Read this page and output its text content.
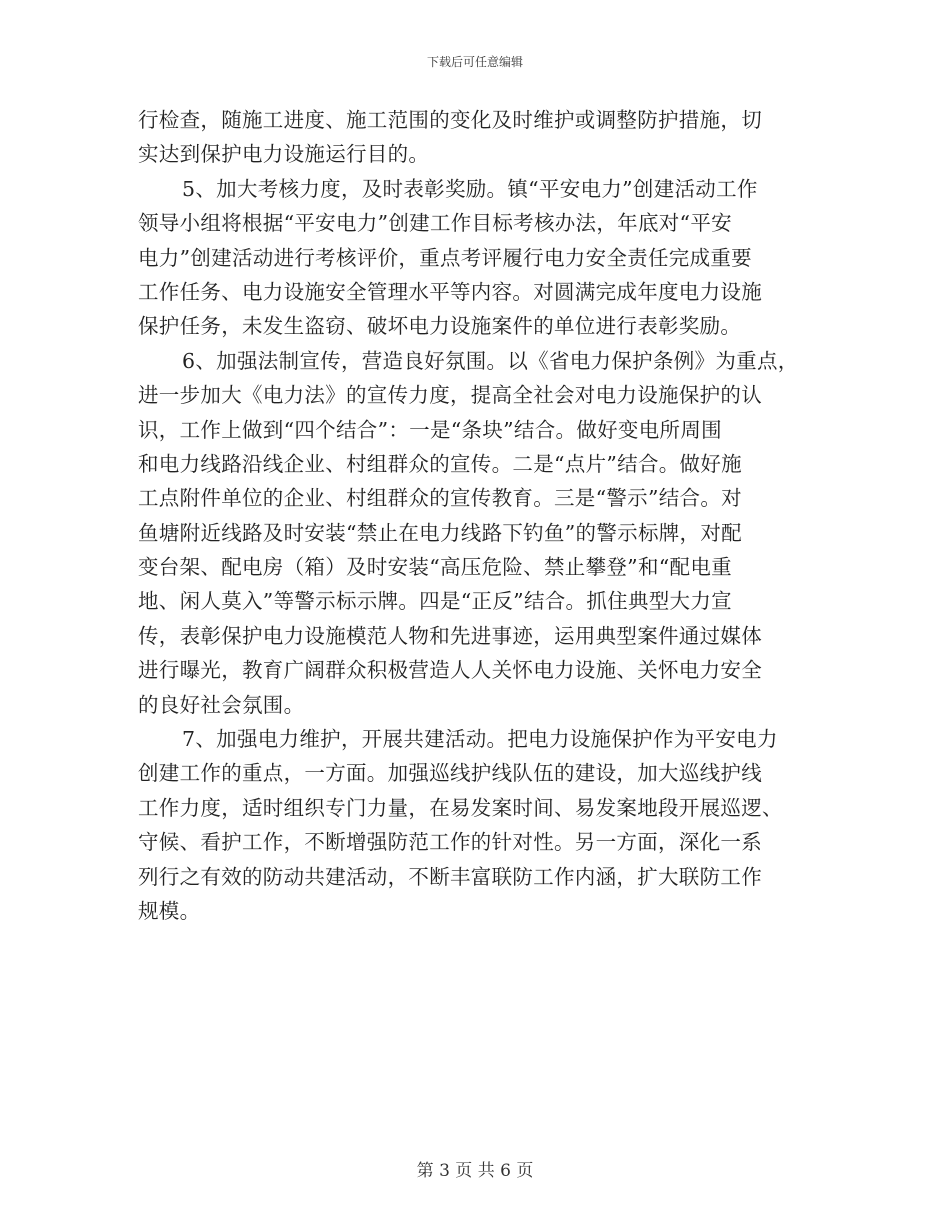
下载后可任意编辑
行检查，随施工进度、施工范围的变化及时维护或调整防护措施，切
实达到保护电力设施运行目的。
5、加大考核力度，及时表彰奖励。镇“平安电力”创建活动工作
领导小组将根据“平安电力”创建工作目标考核办法，年底对“平安
电力”创建活动进行考核评价，重点考评履行电力安全责任完成重要
工作任务、电力设施安全管理水平等内容。对圆满完成年度电力设施
保护任务，未发生盗窃、破坏电力设施案件的单位进行表彰奖励。
6、加强法制宣传，营造良好氛围。以《省电力保护条例》为重点，
进一步加大《电力法》的宣传力度，提高全社会对电力设施保护的认
识，工作上做到“四个结合”：一是“条块”结合。做好变电所周围
和电力线路沿线企业、村组群众的宣传。二是“点片”结合。做好施
工点附件单位的企业、村组群众的宣传教育。三是“警示”结合。对
鱼塘附近线路及时安装“禁止在电力线路下钓鱼”的警示标牌，对配
变台架、配电房（箱）及时安装“高压危险、禁止攀登”和“配电重
地、闲人莫入”等警示标示牌。四是“正反”结合。抓住典型大力宣
传，表彰保护电力设施模范人物和先进事迹，运用典型案件通过媒体
进行曝光，教育广阔群众积极营造人人关怀电力设施、关怀电力安全
的良好社会氛围。
7、加强电力维护，开展共建活动。把电力设施保护作为平安电力
创建工作的重点，一方面。加强巡线护线队伍的建设，加大巡线护线
工作力度，适时组织专门力量，在易发案时间、易发案地段开展巡逻、
守候、看护工作，不断增强防范工作的针对性。另一方面，深化一系
列行之有效的防动共建活动，不断丰富联防工作内涵，扩大联防工作
规模。
第 3 页 共 6 页
